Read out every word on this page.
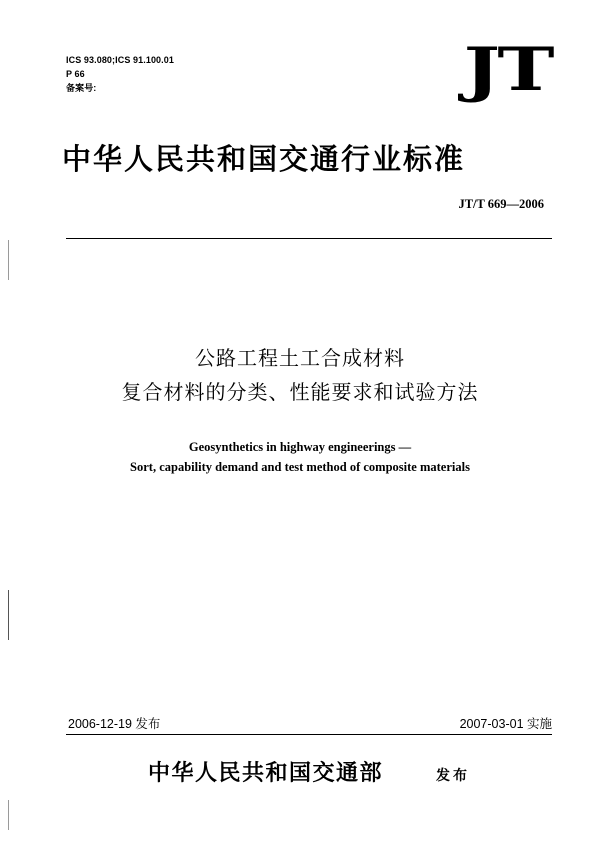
ICS 93.080;ICS 91.100.01
P 66
备案号:	JT
中华人民共和国交通行业标准
JT/T 669—2006
公路工程土工合成材料
复合材料的分类、性能要求和试验方法
Geosynthetics in highway engineerings —
Sort, capability demand and test method of composite materials
2006-12-19 发布	2007-03-01 实施
中华人民共和国交通部	发布
